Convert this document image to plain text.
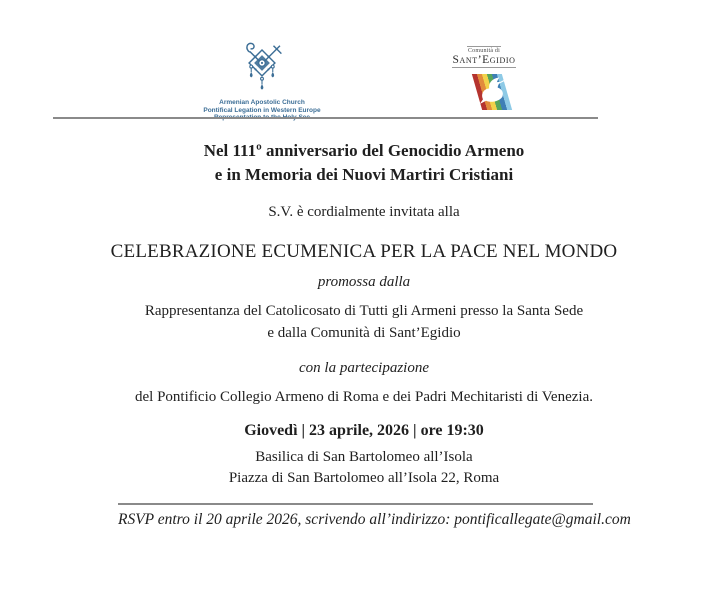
Armenian Apostolic Church
Pontifical Legation in Western Europe
Comunità di
Sant’Egidio
Nel 111º anniversario del Genocidio Armeno
e in Memoria dei Nuovi Martiri Cristiani
S.V. è cordialmente invitata alla
CELEBRAZIONE ECUMENICA PER LA PACE NEL MONDO
promossa dalla
Rappresentanza del Catolicosato di Tutti gli Armeni presso la Santa Sede
e dalla Comunità di Sant’Egidio
con la partecipazione
del Pontificio Collegio Armeno di Roma e dei Padri Mechitaristi di Venezia.
Giovedì | 23 aprile, 2026 | ore 19:30
Basilica di San Bartolomeo all’Isola
Piazza di San Bartolomeo all’Isola 22, Roma
RSVP entro il 20 aprile 2026, scrivendo all’indirizzo: pontificallegate@gmail.com
